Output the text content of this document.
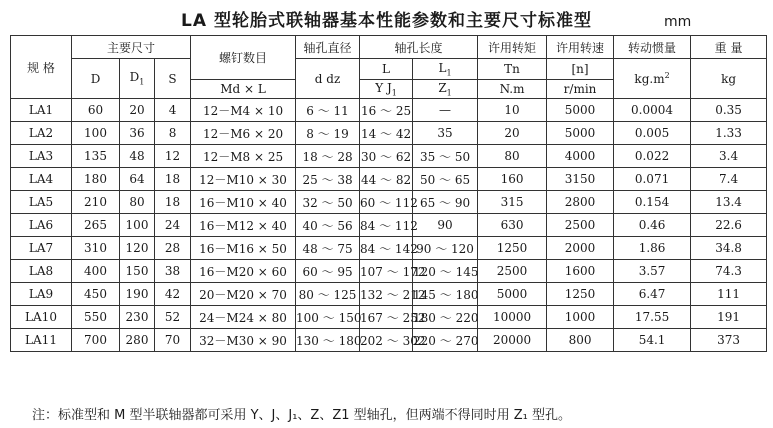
LA 型轮胎式联轴器基本性能参数和主要尺寸标准型	mm
规 格	主要尺寸			螺钉数目	轴孔直径	轴孔长度		许用转矩	许用转速	转动惯量	重 量
	D	$D_1$	S		d dz	L	$L_1$	Tn	[n]	$kg.m^2$	kg
				Md × L		Y $J_1$	$Z_1$	N.m	r/min		
LA1	60	20	4	12－M4 × 10	6 ～ 11	16 ～ 25	—	10	5000	0.0004	0.35
LA2	100	36	8	12－M6 × 20	8 ～ 19	14 ～ 42	35	20	5000	0.005	1.33
LA3	135	48	12	12－M8 × 25	18 ～ 28	30 ～ 62	35 ～ 50	80	4000	0.022	3.4
LA4	180	64	18	12－M10 × 30	25 ～ 38	44 ～ 82	50 ～ 65	160	3150	0.071	7.4
LA5	210	80	18	16－M10 × 40	32 ～ 50	60 ～ 112	65 ～ 90	315	2800	0.154	13.4
LA6	265	100	24	16－M12 × 40	40 ～ 56	84 ～ 112	90	630	2500	0.46	22.6
LA7	310	120	28	16－M16 × 50	48 ～ 75	84 ～ 142	90 ～ 120	1250	2000	1.86	34.8
LA8	400	150	38	16－M20 × 60	60 ～ 95	107 ～ 172	120 ～ 145	2500	1600	3.57	74.3
LA9	450	190	42	20－M20 × 70	80 ～ 125	132 ～ 212	145 ～ 180	5000	1250	6.47	111
LA10	550	230	52	24－M24 × 80	100 ～ 150	167 ～ 252	180 ～ 220	10000	1000	17.55	191
LA11	700	280	70	32－M30 × 90	130 ～ 180	202 ～ 302	220 ～ 270	20000	800	54.1	373
注：标准型和 M 型半联轴器都可采用 Y、J、J₁、Z、Z1 型轴孔，但两端不得同时用 Z₁ 型孔。
